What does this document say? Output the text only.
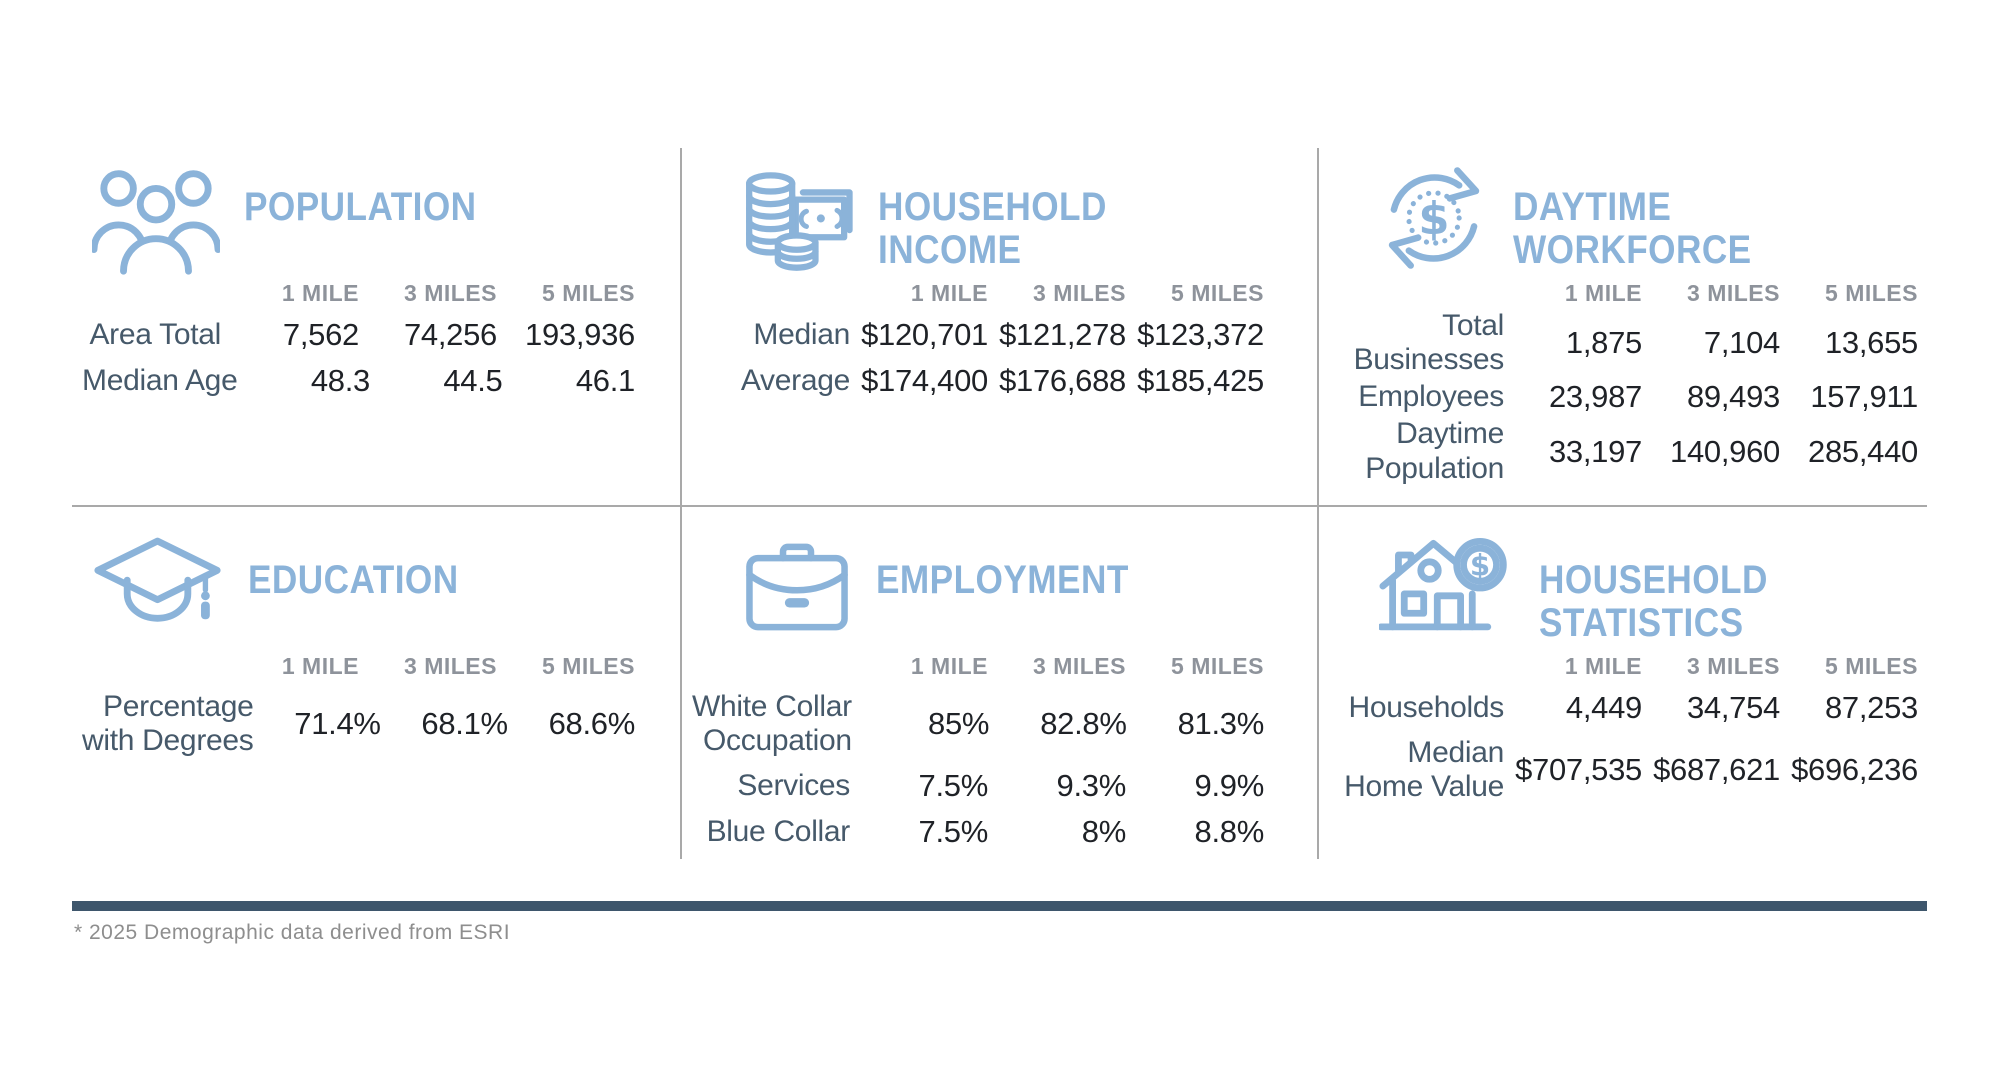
POPULATION
1 MILE	3 MILES	5 MILES
Area Total	7,562	74,256 193,936
Median Age	48.3	44.5	46.1
HOUSEHOLD
INCOME
1 MILE	3 MILES	5 MILES
Median $120,701 $121,278 $123,372
Average $174,400 $176,688 $185,425
$ DAYTIME
WORKFORCE
1 MILE	3 MILES	5 MILES
Total
Businesses	1,875	7,104	13,655
Employees	23,987	89,493 157,911
Daytime
Population	33,197 140,960 285,440
EDUCATION
1 MILE	3 MILES	5 MILES
Percentage
with Degrees	71.4%	68.1%	68.6%
EMPLOYMENT
1 MILE	3 MILES	5 MILES
White Collar
Occupation	85%	82.8%	81.3%
Services	7.5%	9.3%	9.9%
Blue Collar	7.5%	8%	8.8%
$ HOUSEHOLD
STATISTICS
1 MILE	3 MILES	5 MILES
Households	4,449	34,754	87,253
Median
Home Value $707,535 $687,621 $696,236
* 2025 Demographic data derived from ESRI
